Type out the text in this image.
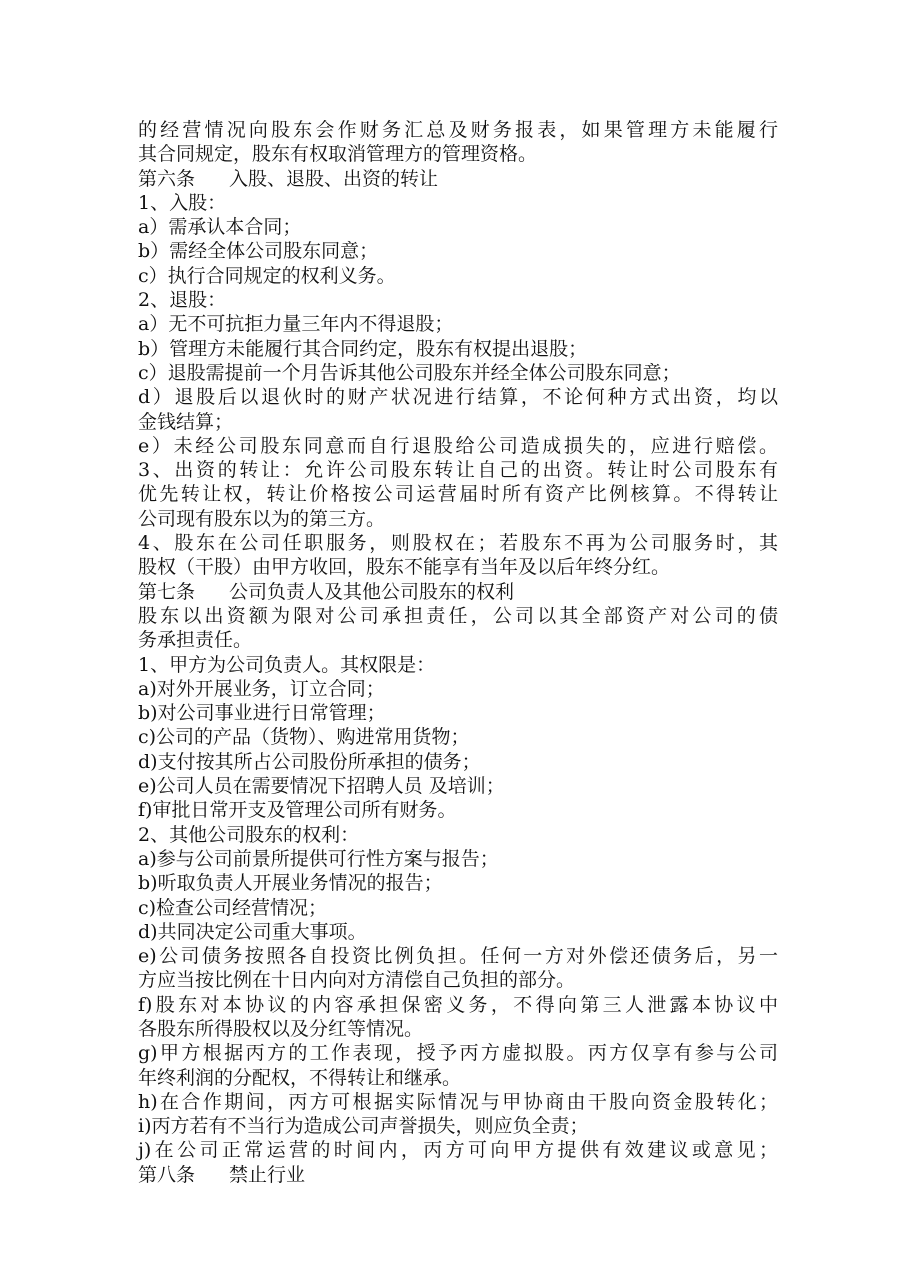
的经营情况向股东会作财务汇总及财务报表，如果管理方未能履行
其合同规定，股东有权取消管理方的管理资格。
第六条 入股、退股、出资的转让
1、入股：
a）需承认本合同；
b）需经全体公司股东同意；
c）执行合同规定的权利义务。
2、退股：
a）无不可抗拒力量三年内不得退股；
b）管理方未能履行其合同约定，股东有权提出退股；
c）退股需提前一个月告诉其他公司股东并经全体公司股东同意；
d）退股后以退伙时的财产状况进行结算，不论何种方式出资，均以
金钱结算；
e）未经公司股东同意而自行退股给公司造成损失的，应进行赔偿。
3、出资的转让：允许公司股东转让自己的出资。转让时公司股东有
优先转让权，转让价格按公司运营届时所有资产比例核算。不得转让
公司现有股东以为的第三方。
4、股东在公司任职服务，则股权在；若股东不再为公司服务时，其
股权（干股）由甲方收回，股东不能享有当年及以后年终分红。
第七条 公司负责人及其他公司股东的权利
股东以出资额为限对公司承担责任，公司以其全部资产对公司的债
务承担责任。
1、甲方为公司负责人。其权限是：
a)对外开展业务，订立合同；
b)对公司事业进行日常管理；
c)公司的产品（货物）、购进常用货物；
d)支付按其所占公司股份所承担的债务；
e)公司人员在需要情况下招聘人员 及培训；
f)审批日常开支及管理公司所有财务。
2、其他公司股东的权利：
a)参与公司前景所提供可行性方案与报告；
b)听取负责人开展业务情况的报告；
c)检查公司经营情况；
d)共同决定公司重大事项。
e)公司债务按照各自投资比例负担。任何一方对外偿还债务后，另一
方应当按比例在十日内向对方清偿自己负担的部分。
f)股东对本协议的内容承担保密义务，不得向第三人泄露本协议中
各股东所得股权以及分红等情况。
g)甲方根据丙方的工作表现，授予丙方虚拟股。丙方仅享有参与公司
年终利润的分配权，不得转让和继承。
h)在合作期间，丙方可根据实际情况与甲协商由干股向资金股转化；
i)丙方若有不当行为造成公司声誉损失，则应负全责；
j)在公司正常运营的时间内，丙方可向甲方提供有效建议或意见；
第八条 禁止行业
